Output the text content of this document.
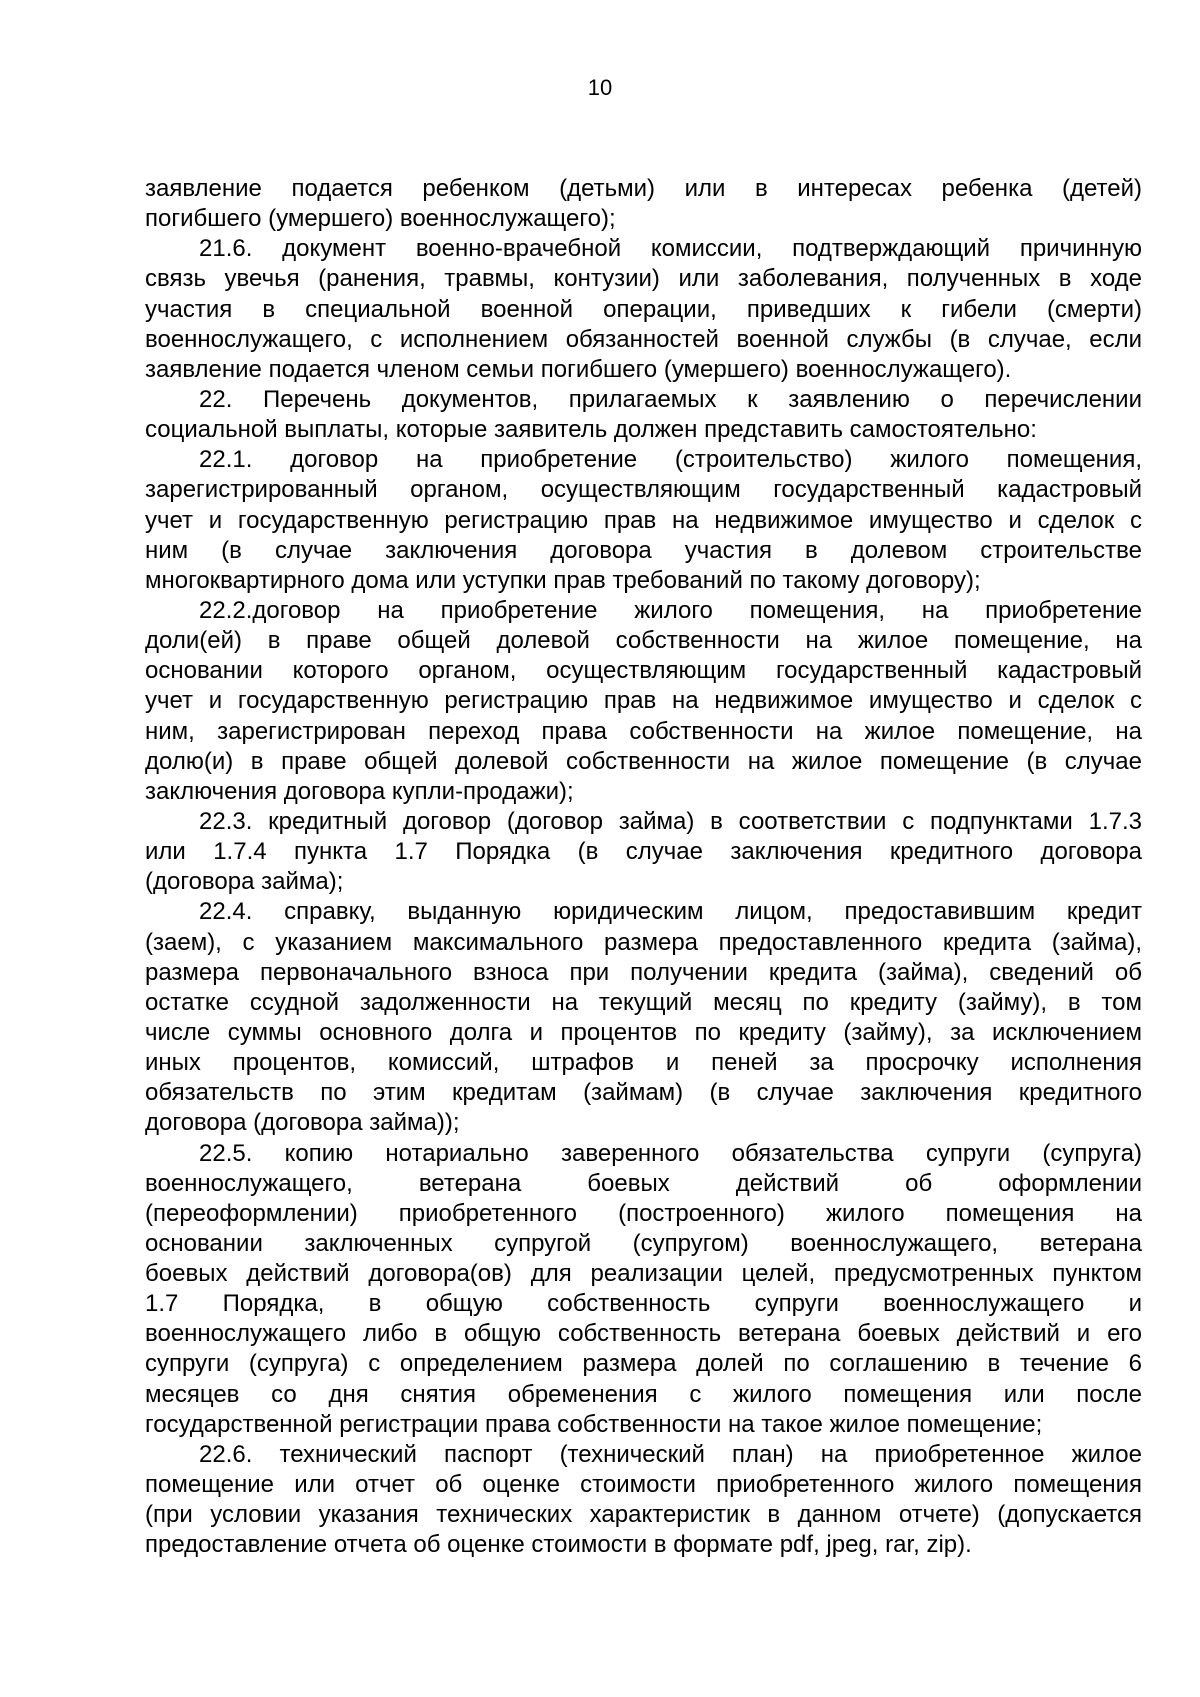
10
заявление подается ребенком (детьми) или в интересах ребенка (детей)
погибшего (умершего) военнослужащего);
21.6. документ военно-врачебной комиссии, подтверждающий причинную
связь увечья (ранения, травмы, контузии) или заболевания, полученных в ходе
участия в специальной военной операции, приведших к гибели (смерти)
военнослужащего, с исполнением обязанностей военной службы (в случае, если
заявление подается членом семьи погибшего (умершего) военнослужащего).
22. Перечень документов, прилагаемых к заявлению о перечислении
социальной выплаты, которые заявитель должен представить самостоятельно:
22.1. договор на приобретение (строительство) жилого помещения,
зарегистрированный органом, осуществляющим государственный кадастровый
учет и государственную регистрацию прав на недвижимое имущество и сделок с
ним (в случае заключения договора участия в долевом строительстве
многоквартирного дома или уступки прав требований по такому договору);
22.2.договор на приобретение жилого помещения, на приобретение
доли(ей) в праве общей долевой собственности на жилое помещение, на
основании которого органом, осуществляющим государственный кадастровый
учет и государственную регистрацию прав на недвижимое имущество и сделок с
ним, зарегистрирован переход права собственности на жилое помещение, на
долю(и) в праве общей долевой собственности на жилое помещение (в случае
заключения договора купли-продажи);
22.3. кредитный договор (договор займа) в соответствии с подпунктами 1.7.3
или 1.7.4 пункта 1.7 Порядка (в случае заключения кредитного договора
(договора займа);
22.4. справку, выданную юридическим лицом, предоставившим кредит
(заем), с указанием максимального размера предоставленного кредита (займа),
размера первоначального взноса при получении кредита (займа), сведений об
остатке ссудной задолженности на текущий месяц по кредиту (займу), в том
числе суммы основного долга и процентов по кредиту (займу), за исключением
иных процентов, комиссий, штрафов и пеней за просрочку исполнения
обязательств по этим кредитам (займам) (в случае заключения кредитного
договора (договора займа));
22.5. копию нотариально заверенного обязательства супруги (супруга)
военнослужащего, ветерана боевых действий об оформлении
(переоформлении) приобретенного (построенного) жилого помещения на
основании заключенных супругой (супругом) военнослужащего, ветерана
боевых действий договора(ов) для реализации целей, предусмотренных пунктом
1.7 Порядка, в общую собственность супруги военнослужащего и
военнослужащего либо в общую собственность ветерана боевых действий и его
супруги (супруга) с определением размера долей по соглашению в течение 6
месяцев со дня снятия обременения с жилого помещения или после
государственной регистрации права собственности на такое жилое помещение;
22.6. технический паспорт (технический план) на приобретенное жилое
помещение или отчет об оценке стоимости приобретенного жилого помещения
(при условии указания технических характеристик в данном отчете) (допускается
предоставление отчета об оценке стоимости в формате pdf, jpeg, rar, zip).
